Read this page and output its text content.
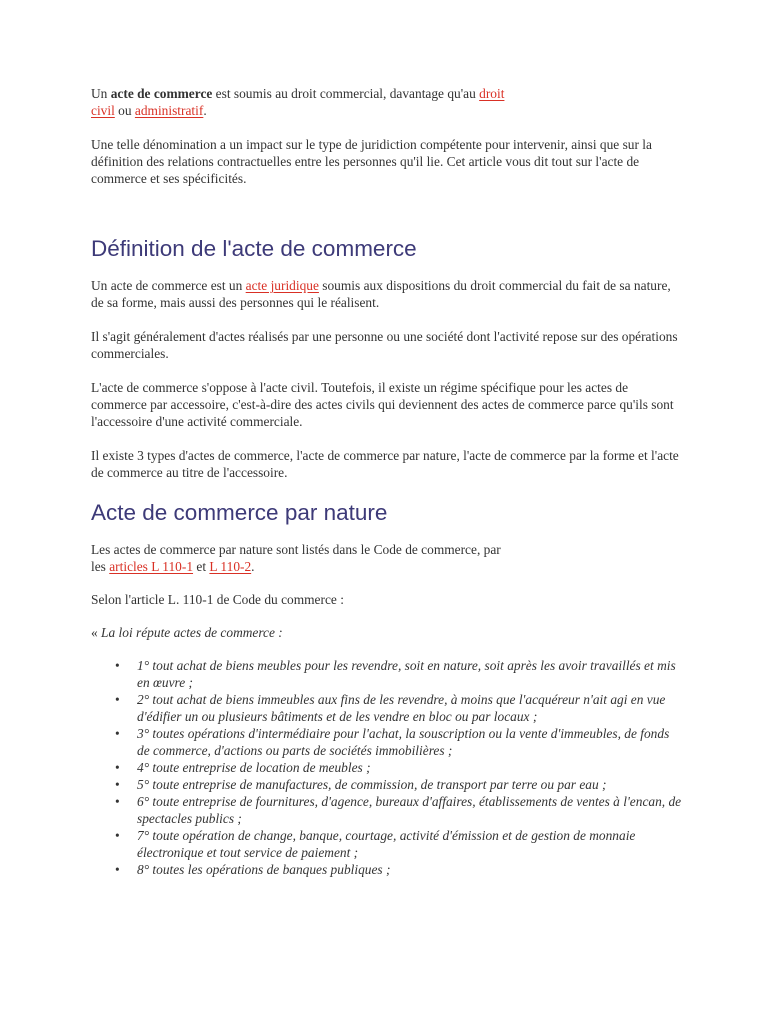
Un acte de commerce est soumis au droit commercial, davantage qu'au droit
civil ou administratif.

Une telle dénomination a un impact sur le type de juridiction compétente pour intervenir, ainsi que sur la définition des relations contractuelles entre les personnes qu'il lie. Cet article vous dit tout sur l'acte de commerce et ses spécificités.

Définition de l'acte de commerce

Un acte de commerce est un acte juridique soumis aux dispositions du droit commercial du fait de sa nature, de sa forme, mais aussi des personnes qui le réalisent.

Il s'agit généralement d'actes réalisés par une personne ou une société dont l'activité repose sur des opérations commerciales.

L'acte de commerce s'oppose à l'acte civil. Toutefois, il existe un régime spécifique pour les actes de commerce par accessoire, c'est-à-dire des actes civils qui deviennent des actes de commerce parce qu'ils sont l'accessoire d'une activité commerciale.

Il existe 3 types d'actes de commerce, l'acte de commerce par nature, l'acte de commerce par la forme et l'acte de commerce au titre de l'accessoire.

Acte de commerce par nature

Les actes de commerce par nature sont listés dans le Code de commerce, par
les articles L 110-1 et L 110-2.

Selon l'article L. 110-1 de Code du commerce :

« La loi répute actes de commerce :

• 1° tout achat de biens meubles pour les revendre, soit en nature, soit après les avoir travaillés et mis en œuvre ;
• 2° tout achat de biens immeubles aux fins de les revendre, à moins que l'acquéreur n'ait agi en vue d'édifier un ou plusieurs bâtiments et de les vendre en bloc ou par locaux ;
• 3° toutes opérations d'intermédiaire pour l'achat, la souscription ou la vente d'immeubles, de fonds de commerce, d'actions ou parts de sociétés immobilières ;
• 4° toute entreprise de location de meubles ;
• 5° toute entreprise de manufactures, de commission, de transport par terre ou par eau ;
• 6° toute entreprise de fournitures, d'agence, bureaux d'affaires, établissements de ventes à l'encan, de spectacles publics ;
• 7° toute opération de change, banque, courtage, activité d'émission et de gestion de monnaie électronique et tout service de paiement ;
• 8° toutes les opérations de banques publiques ;
